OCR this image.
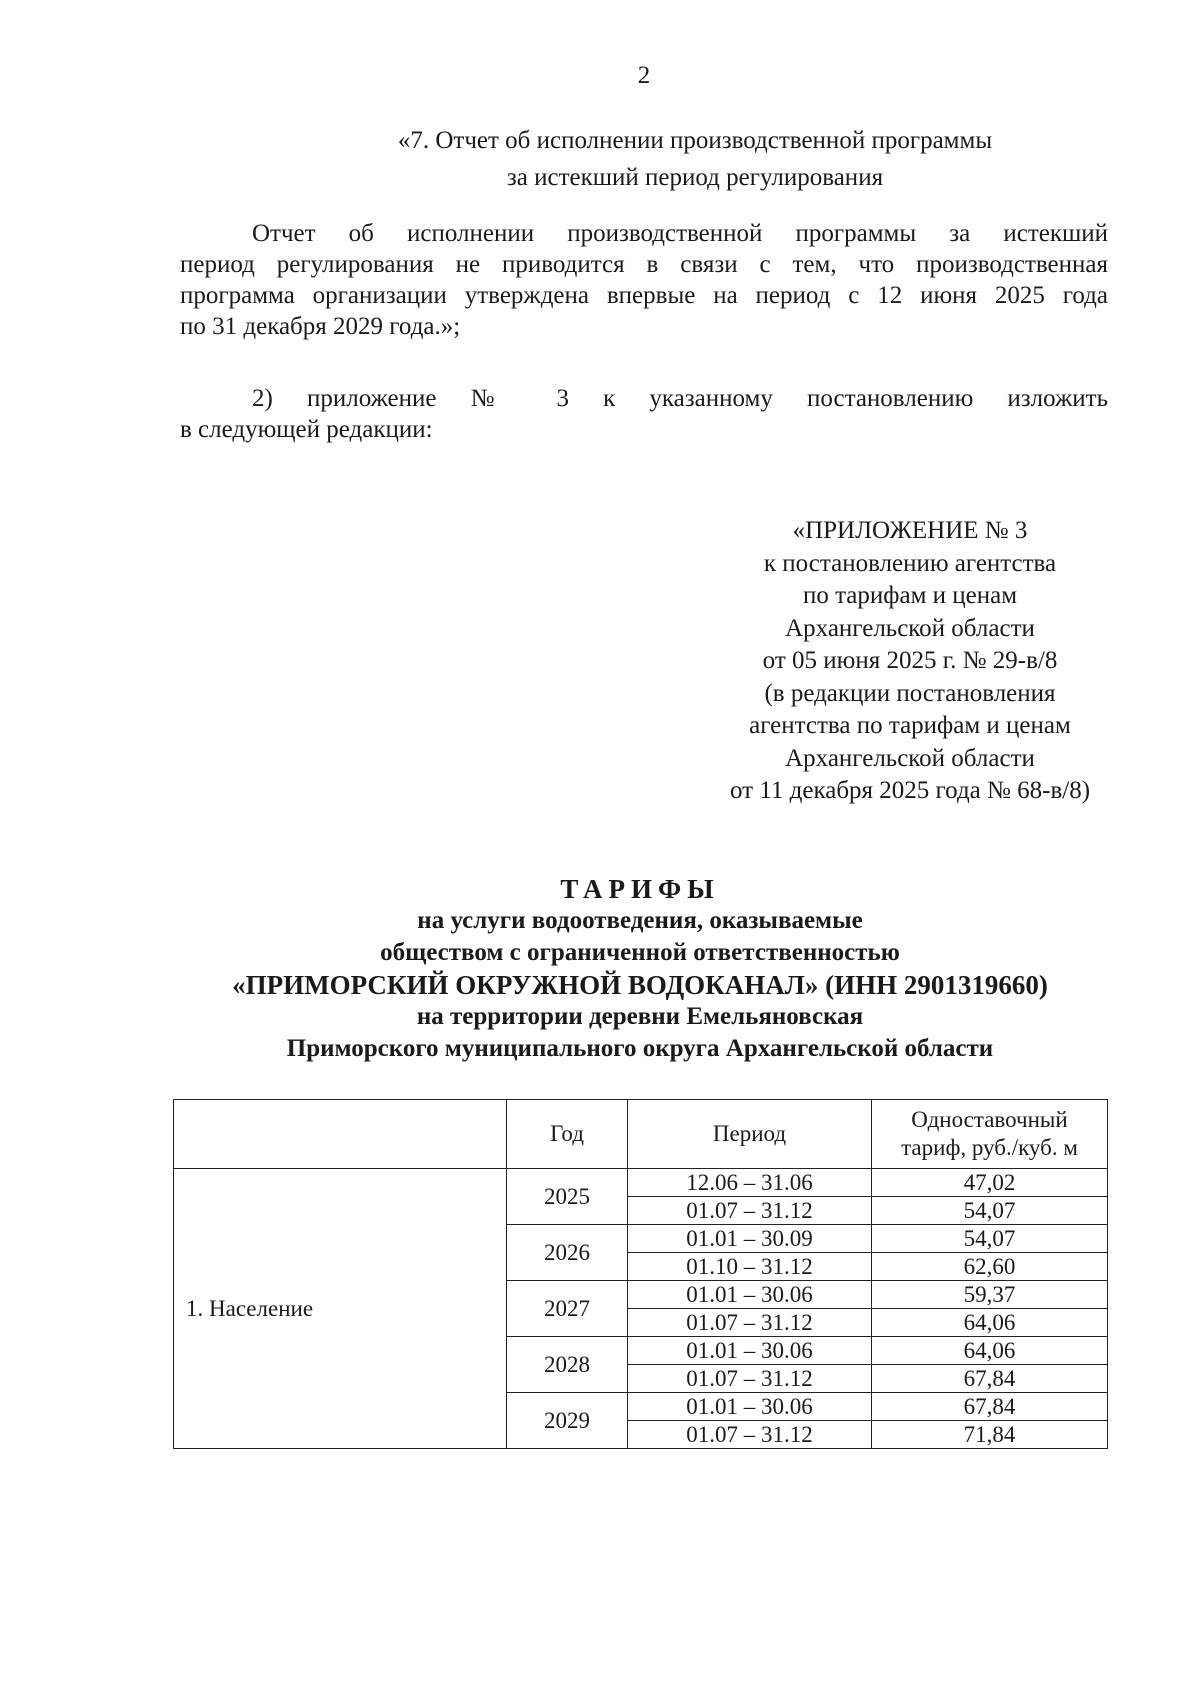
2
«7. Отчет об исполнении производственной программы
за истекший период регулирования
Отчет об исполнении производственной программы за истекший
период регулирования не приводится в связи с тем, что производственная
программа организации утверждена впервые на период с 12 июня 2025 года
по 31 декабря 2029 года.»;
2) приложение № 3 к указанному постановлению изложить
в следующей редакции:
«ПРИЛОЖЕНИЕ № 3
к постановлению агентства
по тарифам и ценам
Архангельской области
от 05 июня 2025 г. № 29-в/8
(в редакции постановления
агентства по тарифам и ценам
Архангельской области
от 11 декабря 2025 года № 68-в/8)
ТАРИФЫ
на услуги водоотведения, оказываемые
обществом с ограниченной ответственностью
«ПРИМОРСКИЙ ОКРУЖНОЙ ВОДОКАНАЛ» (ИНН 2901319660)
на территории деревни Емельяновская
Приморского муниципального округа Архангельской области
	Год	Период	Одноставочный
тариф, руб./куб. м

1. Население	2025	12.06 – 31.06	47,02
		01.07 – 31.12	54,07
	2026	01.01 – 30.09	54,07
		01.10 – 31.12	62,60
	2027	01.01 – 30.06	59,37
		01.07 – 31.12	64,06
	2028	01.01 – 30.06	64,06
		01.07 – 31.12	67,84
	2029	01.01 – 30.06	67,84
		01.07 – 31.12	71,84
